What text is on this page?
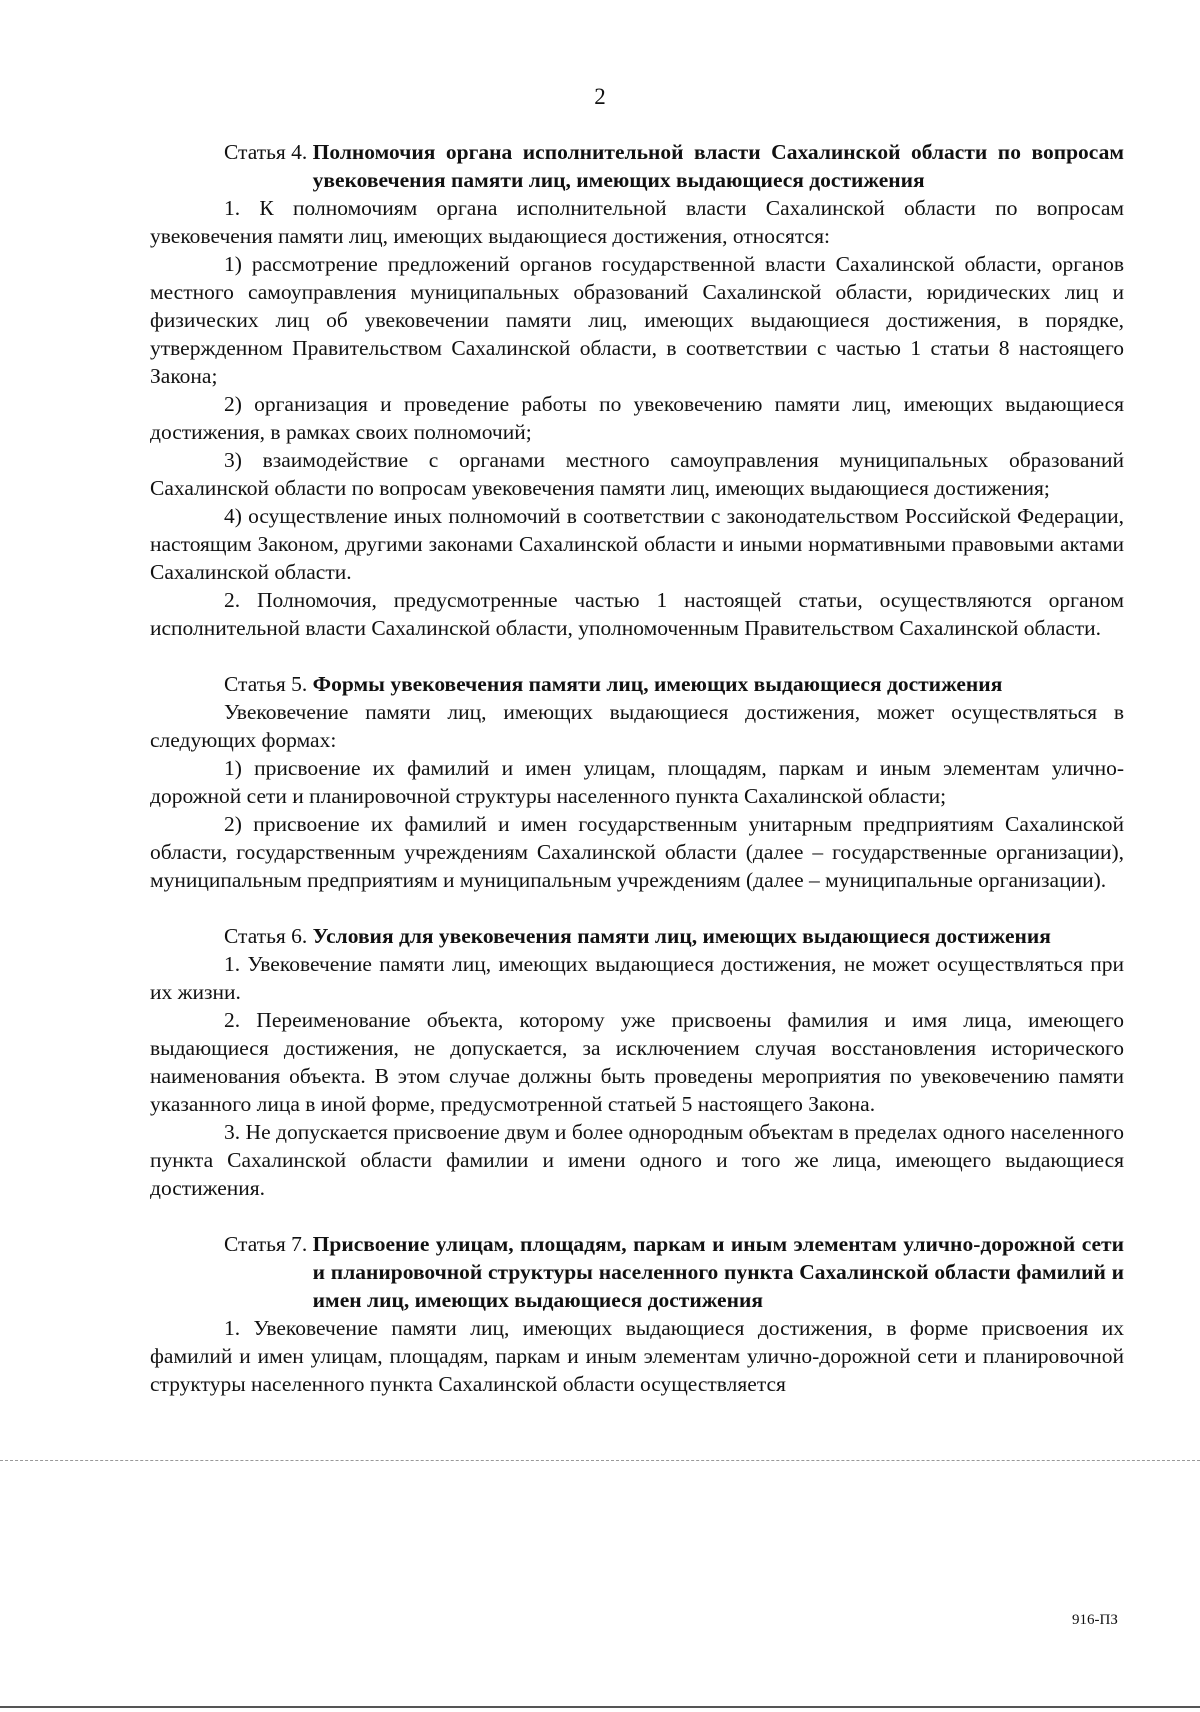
2
Статья 4. Полномочия органа исполнительной власти Сахалинской области по вопросам увековечения памяти лиц, имеющих выдающиеся достижения

1. К полномочиям органа исполнительной власти Сахалинской области по вопросам увековечения памяти лиц, имеющих выдающиеся достижения, относятся:

1) рассмотрение предложений органов государственной власти Сахалинской области, органов местного самоуправления муниципальных образований Сахалинской области, юридических лиц и физических лиц об увековечении памяти лиц, имеющих выдающиеся достижения, в порядке, утвержденном Правительством Сахалинской области, в соответствии с частью 1 статьи 8 настоящего Закона;

2) организация и проведение работы по увековечению памяти лиц, имеющих выдающиеся достижения, в рамках своих полномочий;

3) взаимодействие с органами местного самоуправления муниципальных образований Сахалинской области по вопросам увековечения памяти лиц, имеющих выдающиеся достижения;

4) осуществление иных полномочий в соответствии с законодательством Российской Федерации, настоящим Законом, другими законами Сахалинской области и иными нормативными правовыми актами Сахалинской области.

2. Полномочия, предусмотренные частью 1 настоящей статьи, осуществляются органом исполнительной власти Сахалинской области, уполномоченным Правительством Сахалинской области.

Статья 5. Формы увековечения памяти лиц, имеющих выдающиеся достижения

Увековечение памяти лиц, имеющих выдающиеся достижения, может осуществляться в следующих формах:

1) присвоение их фамилий и имен улицам, площадям, паркам и иным элементам улично-дорожной сети и планировочной структуры населенного пункта Сахалинской области;

2) присвоение их фамилий и имен государственным унитарным предприятиям Сахалинской области, государственным учреждениям Сахалинской области (далее – государственные организации), муниципальным предприятиям и муниципальным учреждениям (далее – муниципальные организации).

Статья 6. Условия для увековечения памяти лиц, имеющих выдающиеся достижения

1. Увековечение памяти лиц, имеющих выдающиеся достижения, не может осуществляться при их жизни.

2. Переименование объекта, которому уже присвоены фамилия и имя лица, имеющего выдающиеся достижения, не допускается, за исключением случая восстановления исторического наименования объекта. В этом случае должны быть проведены мероприятия по увековечению памяти указанного лица в иной форме, предусмотренной статьей 5 настоящего Закона.

3. Не допускается присвоение двум и более однородным объектам в пределах одного населенного пункта Сахалинской области фамилии и имени одного и того же лица, имеющего выдающиеся достижения.

Статья 7. Присвоение улицам, площадям, паркам и иным элементам улично-дорожной сети и планировочной структуры населенного пункта Сахалинской области фамилий и имен лиц, имеющих выдающиеся достижения

1. Увековечение памяти лиц, имеющих выдающиеся достижения, в форме присвоения их фамилий и имен улицам, площадям, паркам и иным элементам улично-дорожной сети и планировочной структуры населенного пункта Сахалинской области осуществляется

916-ПЗ
